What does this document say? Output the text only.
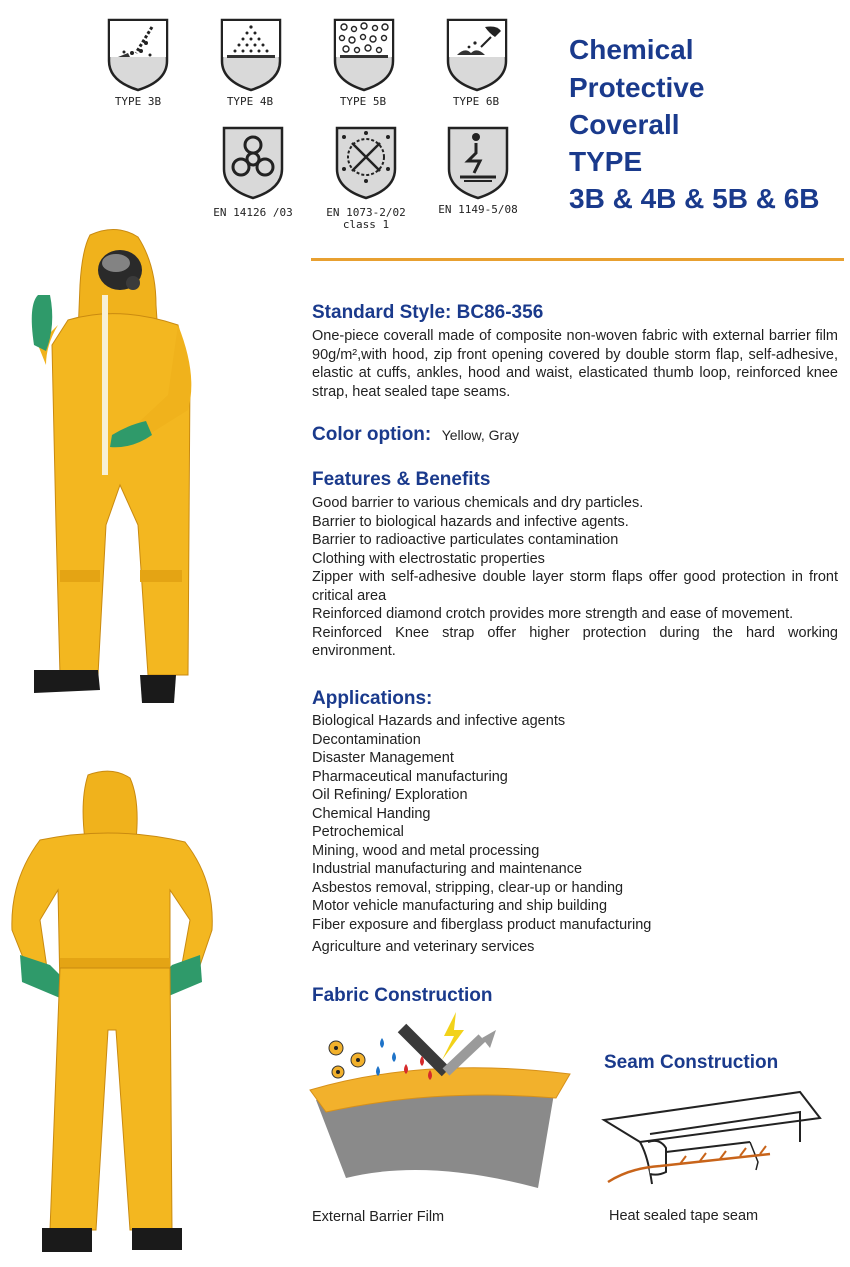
TYPE 3B	TYPE 4B	TYPE 5B	TYPE 6B
EN 14126 /03	EN 1073-2/02
class 1
EN 1149-5/08

Chemical

Protective

Coverall

TYPE

3B & 4B & 5B & 6B

Standard Style: BC86-356

One-piece coverall made of composite non-woven fabric with external barrier film 90g/m²,with hood, zip front opening covered by double storm flap, self-adhesive, elastic at cuffs, ankles, hood and waist, elasticated thumb loop, reinforced knee strap, heat sealed tape seams.

Color option: Yellow, Gray
Features & Benefits
Good barrier to various chemicals and dry particles.
Barrier to biological hazards and infective agents.
Barrier to radioactive particulates contamination
Clothing with electrostatic properties
Zipper with self-adhesive double layer storm flaps offer good protection in front critical area
Reinforced diamond crotch provides more strength and ease of movement.
Reinforced Knee strap offer higher protection during the hard working environment.
Applications:
Biological Hazards and infective agents
Decontamination
Disaster Management
Pharmaceutical manufacturing
Oil Refining/ Exploration
Chemical Handing
Petrochemical
Mining, wood and metal processing
Industrial manufacturing and maintenance
Asbestos removal, stripping, clear-up or handing
Motor vehicle manufacturing and ship building
Fiber exposure and fiberglass product manufacturing
Agriculture and veterinary services
Fabric Construction
External Barrier Film
Seam Construction
Heat sealed tape seam
